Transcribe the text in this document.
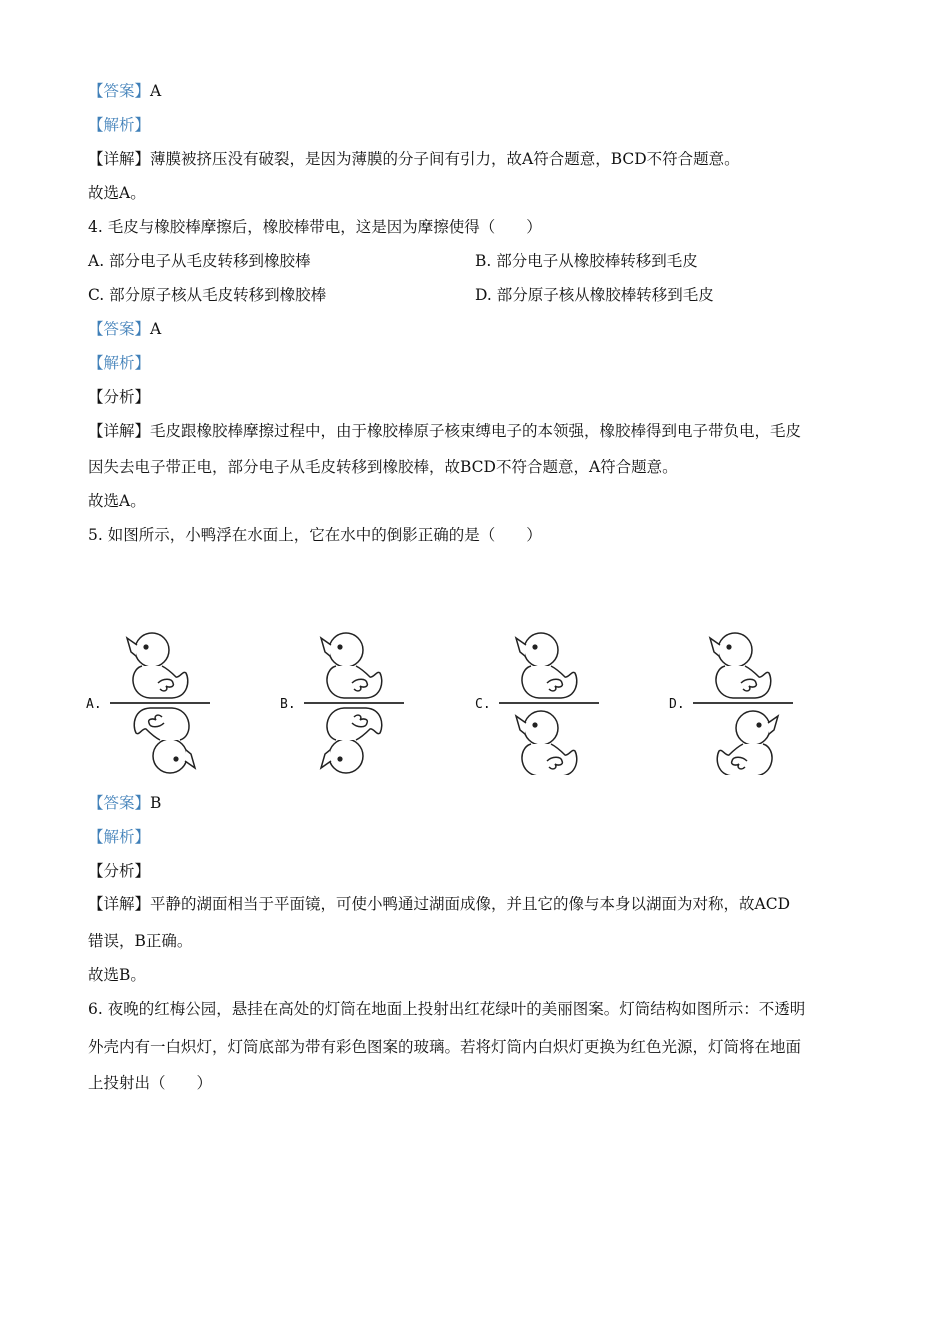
【答案】A
【解析】
【详解】薄膜被挤压没有破裂，是因为薄膜的分子间有引力，故A符合题意，BCD不符合题意。
故选A。
4. 毛皮与橡胶棒摩擦后，橡胶棒带电，这是因为摩擦使得（　　）
A. 部分电子从毛皮转移到橡胶棒	B. 部分电子从橡胶棒转移到毛皮
C. 部分原子核从毛皮转移到橡胶棒	D. 部分原子核从橡胶棒转移到毛皮
【答案】A
【解析】
【分析】
【详解】毛皮跟橡胶棒摩擦过程中，由于橡胶棒原子核束缚电子的本领强，橡胶棒得到电子带负电，毛皮
因失去电子带正电，部分电子从毛皮转移到橡胶棒，故BCD不符合题意，A符合题意。
故选A。
5. 如图所示，小鸭浮在水面上，它在水中的倒影正确的是（　　）
A.	B.	C.	D.
【答案】B
【解析】
【分析】
【详解】平静的湖面相当于平面镜，可使小鸭通过湖面成像，并且它的像与本身以湖面为对称，故ACD
错误，B正确。
故选B。
6. 夜晚的红梅公园，悬挂在高处的灯筒在地面上投射出红花绿叶的美丽图案。灯筒结构如图所示：不透明
外壳内有一白炽灯，灯筒底部为带有彩色图案的玻璃。若将灯筒内白炽灯更换为红色光源，灯筒将在地面
上投射出（　　）
